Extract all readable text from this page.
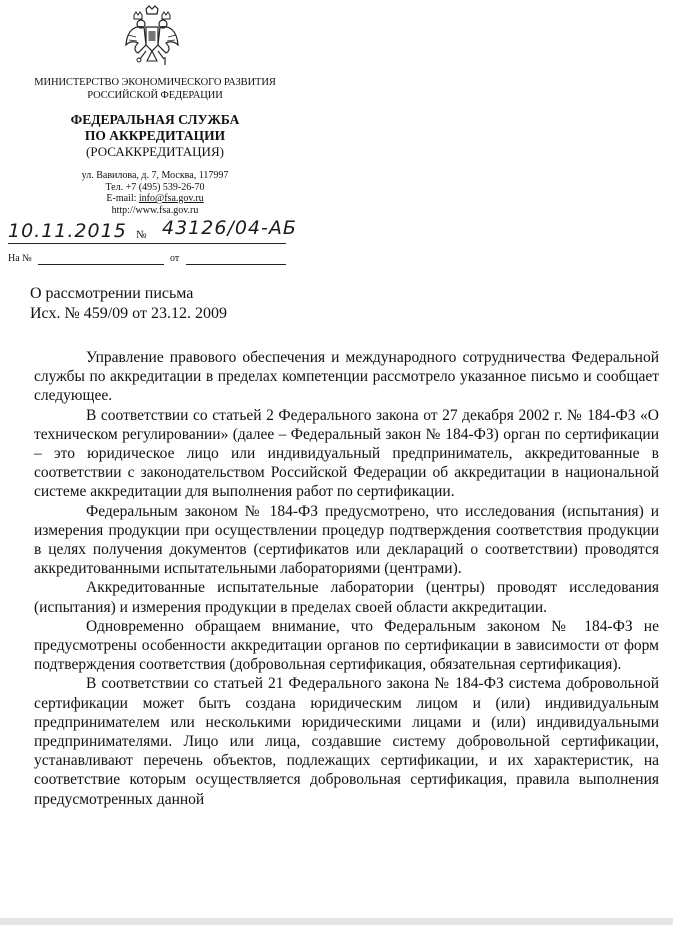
МИНИСТЕРСТВО ЭКОНОМИЧЕСКОГО РАЗВИТИЯ
РОССИЙСКОЙ ФЕДЕРАЦИИ
ФЕДЕРАЛЬНАЯ СЛУЖБА
ПО АККРЕДИТАЦИИ
(РОСАККРЕДИТАЦИЯ)
ул. Вавилова, д. 7, Москва, 117997
Тел. +7 (495) 539-26-70
E-mail: info@fsa.gov.ru
http://www.fsa.gov.ru
10.11.2015 № 43126/04-АБ
На №	от
О рассмотрении письма
Исх. № 459/09 от 23.12. 2009

Управление правового обеспечения и международного сотрудничества Федеральной службы по аккредитации в пределах компетенции рассмотрело указанное письмо и сообщает следующее.

В соответствии со статьей 2 Федерального закона от 27 декабря 2002 г. № 184-ФЗ «О техническом регулировании» (далее – Федеральный закон № 184-ФЗ) орган по сертификации – это юридическое лицо или индивидуальный предприниматель, аккредитованные в соответствии с законодательством Российской Федерации об аккредитации в национальной системе аккредитации для выполнения работ по сертификации.

Федеральным законом № 184-ФЗ предусмотрено, что исследования (испытания) и измерения продукции при осуществлении процедур подтверждения соответствия продукции в целях получения документов (сертификатов или деклараций о соответствии) проводятся аккредитованными испытательными лабораториями (центрами).

Аккредитованные испытательные лаборатории (центры) проводят исследования (испытания) и измерения продукции в пределах своей области аккредитации.

Одновременно обращаем внимание, что Федеральным законом № 184-ФЗ не предусмотрены особенности аккредитации органов по сертификации в зависимости от форм подтверждения соответствия (добровольная сертификация, обязательная сертификация).

В соответствии со статьей 21 Федерального закона № 184-ФЗ система добровольной сертификации может быть создана юридическим лицом и (или) индивидуальным предпринимателем или несколькими юридическими лицами и (или) индивидуальными предпринимателями. Лицо или лица, создавшие систему добровольной сертификации, устанавливают перечень объектов, подлежащих сертификации, и их характеристик, на соответствие которым осуществляется добровольная сертификация, правила выполнения предусмотренных данной
